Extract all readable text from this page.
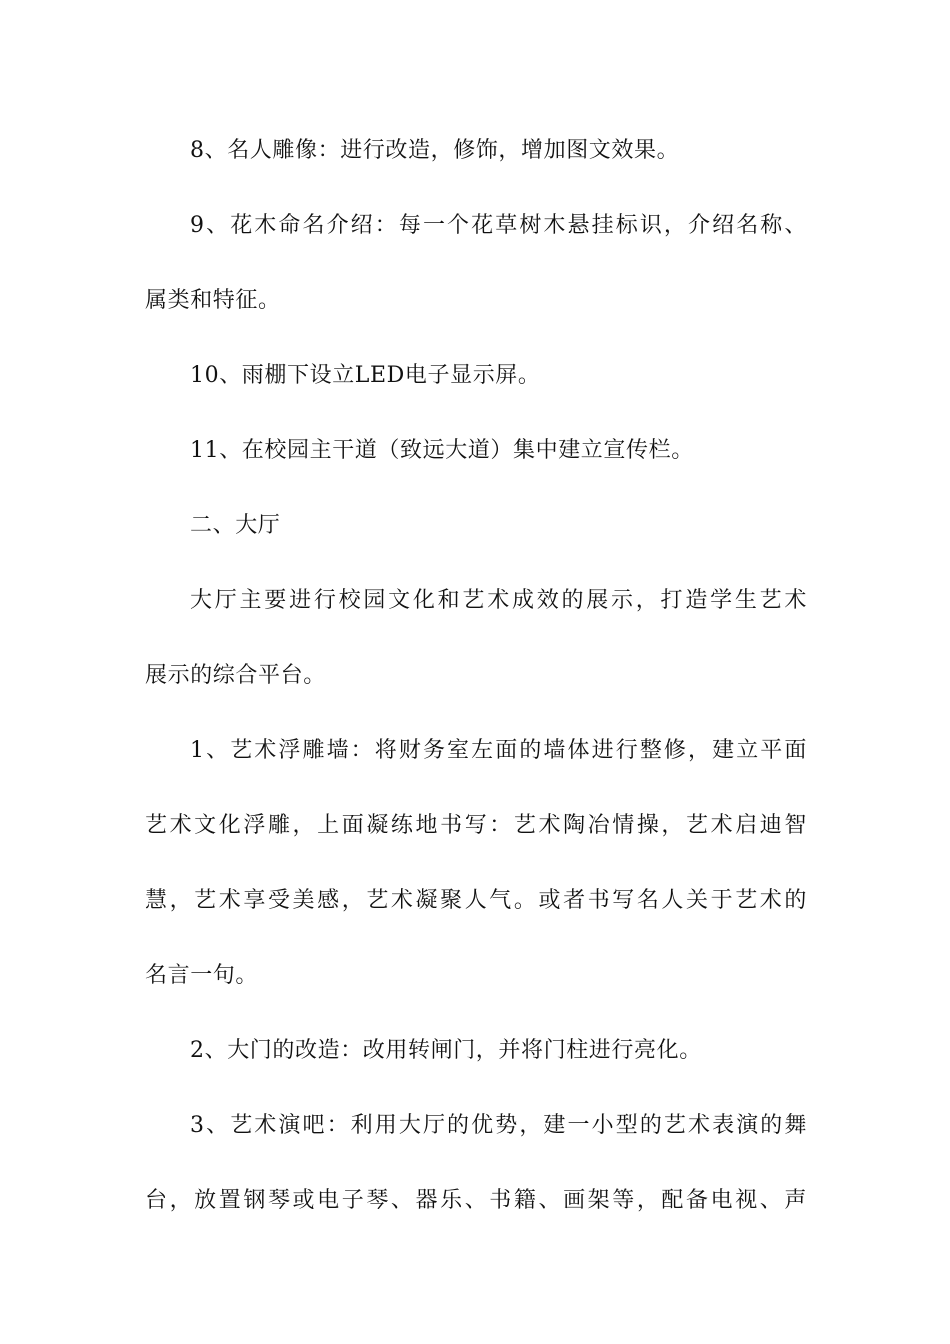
8、名人雕像：进行改造，修饰，增加图文效果。
9、花木命名介绍：每一个花草树木悬挂标识，介绍名称、
属类和特征。
10、雨棚下设立LED电子显示屏。
11、在校园主干道（致远大道）集中建立宣传栏。
二、大厅
大厅主要进行校园文化和艺术成效的展示，打造学生艺术
展示的综合平台。
1、艺术浮雕墙：将财务室左面的墙体进行整修，建立平面
艺术文化浮雕，上面凝练地书写：艺术陶冶情操，艺术启迪智
慧，艺术享受美感，艺术凝聚人气。或者书写名人关于艺术的
名言一句。
2、大门的改造：改用转闸门，并将门柱进行亮化。
3、艺术演吧：利用大厅的优势，建一小型的艺术表演的舞
台，放置钢琴或电子琴、器乐、书籍、画架等，配备电视、声
